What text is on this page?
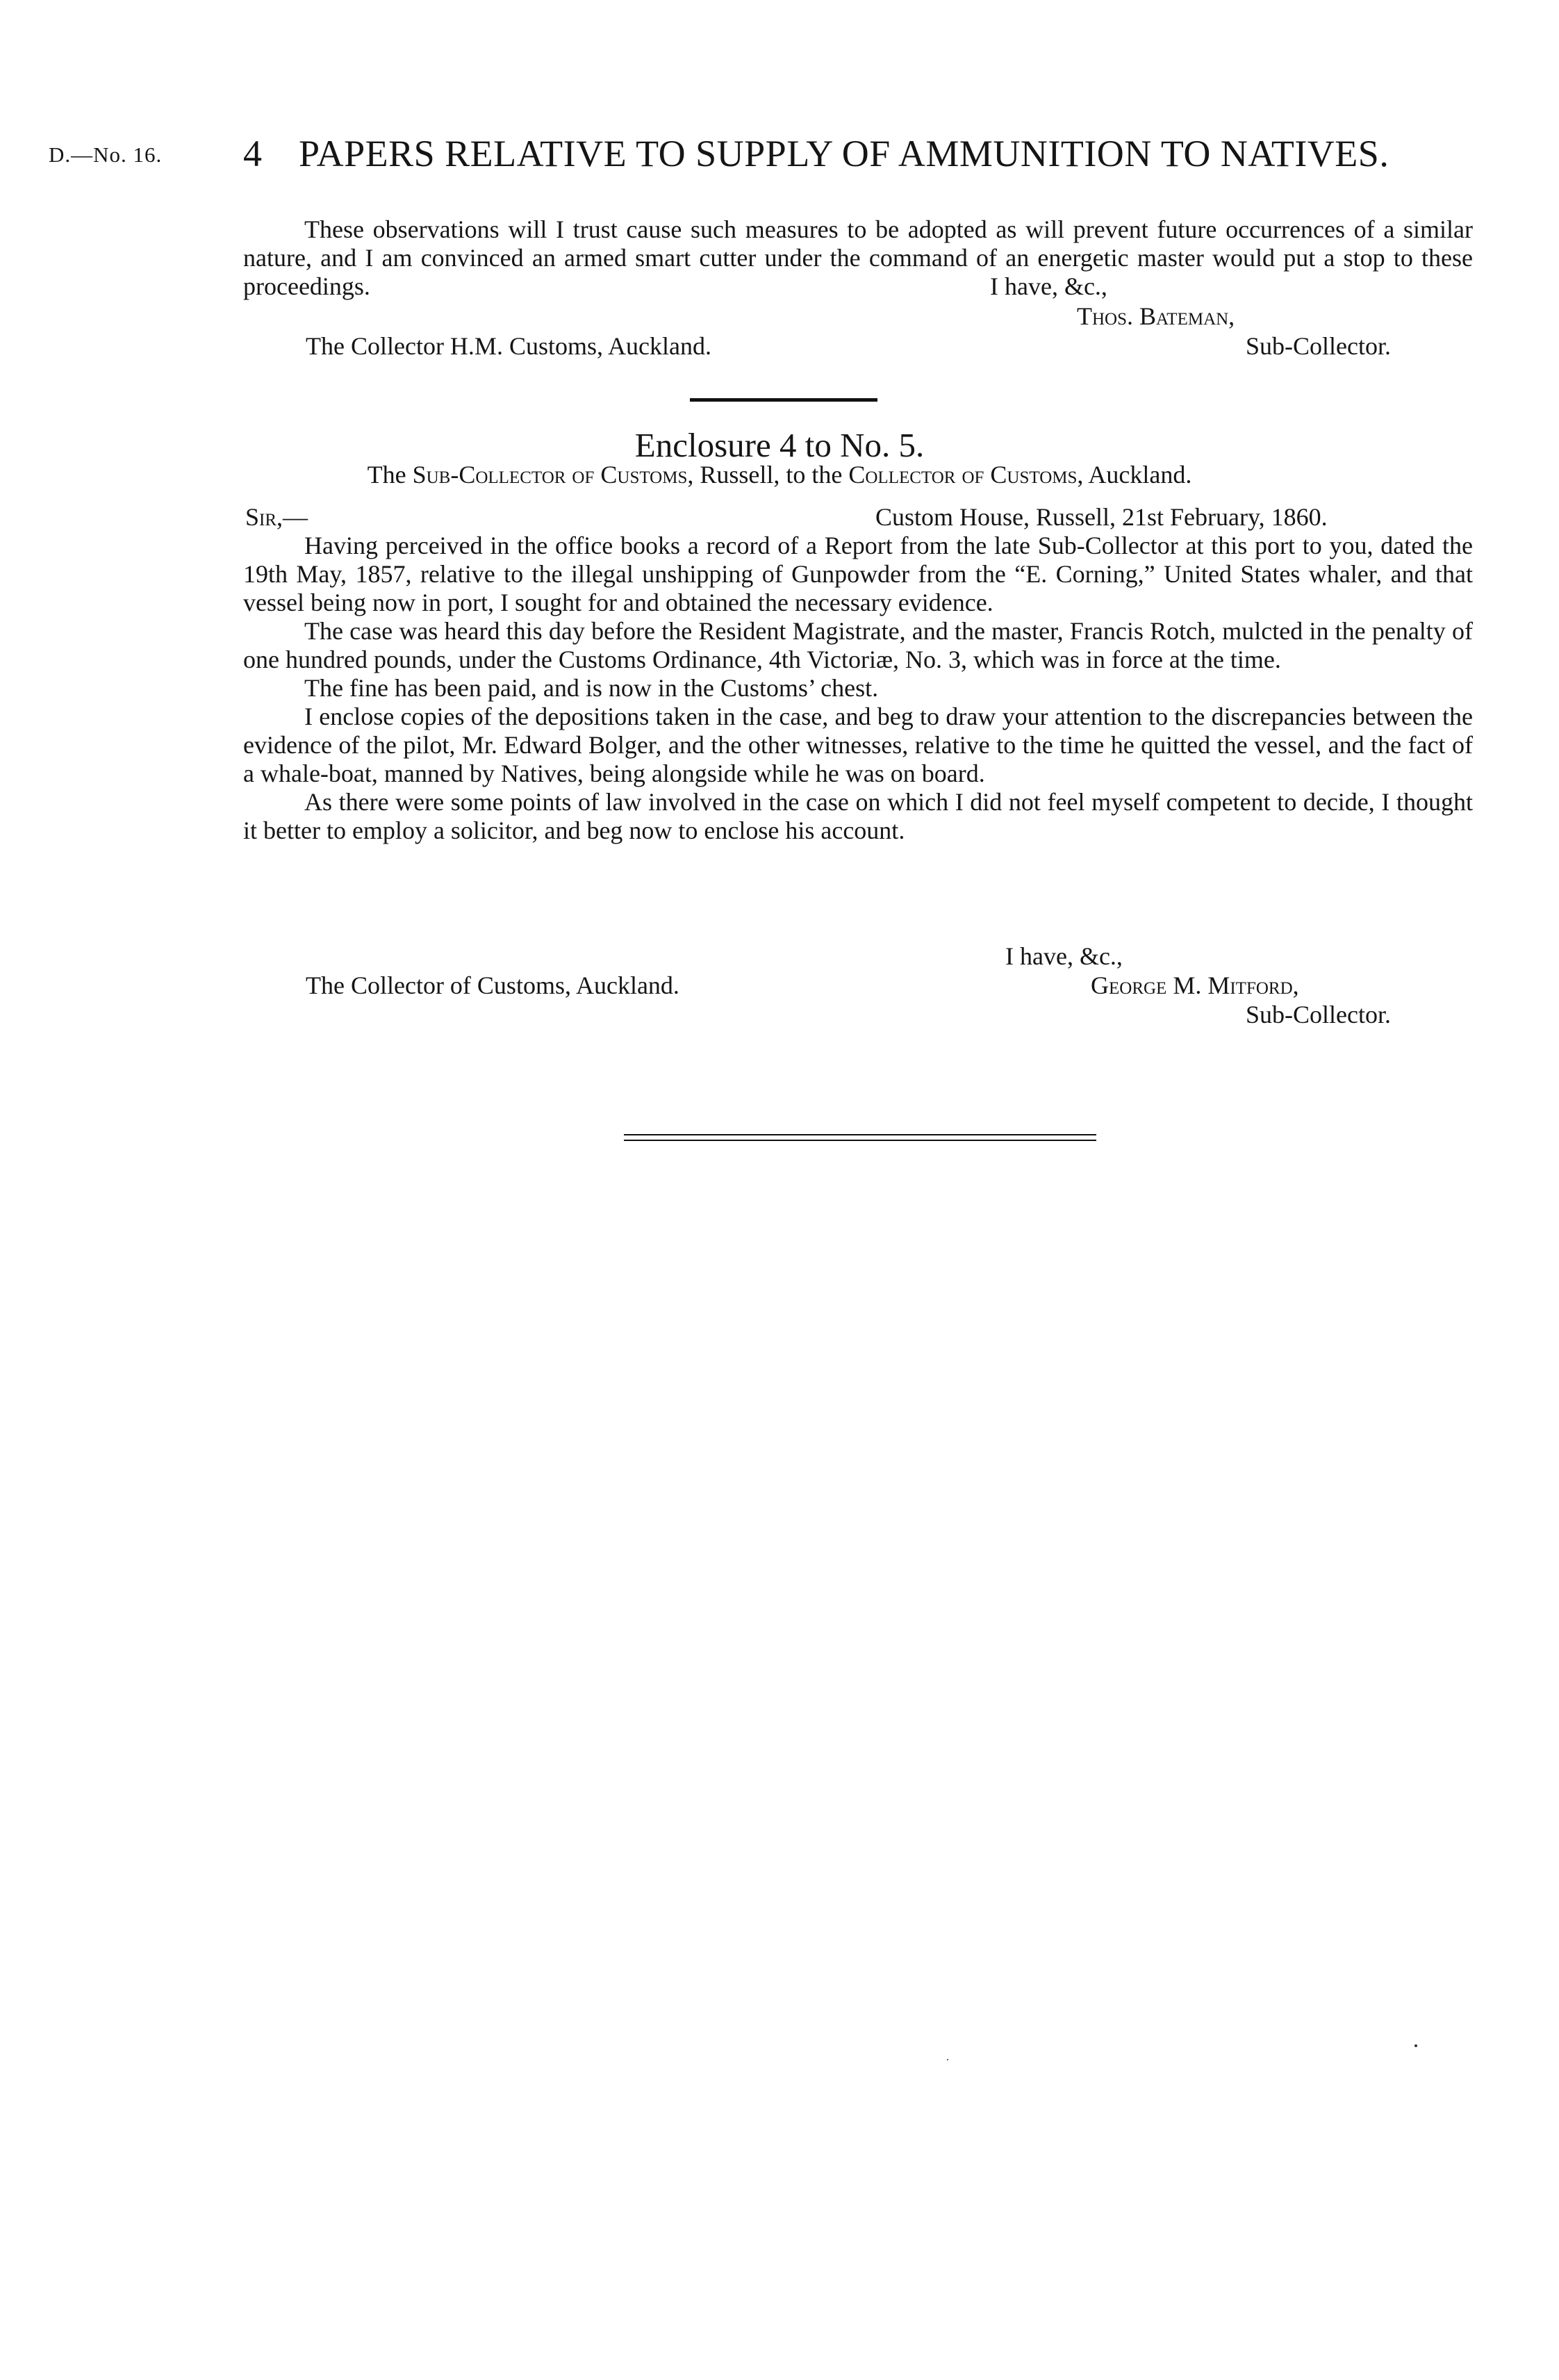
D.—No. 16. 4 PAPERS RELATIVE TO SUPPLY OF AMMUNITION TO NATIVES.

These observations will I trust cause such measures to be adopted as will prevent future occurrences of a similar nature, and I am convinced an armed smart cutter under the command of an energetic master would put a stop to these proceedings.	I have, &c.,
Thos. Bateman,
The Collector H.M. Customs, Auckland.	Sub-Collector.
Enclosure 4 to No. 5.
The Sub-Collector of Customs, Russell, to the Collector of Customs, Auckland.
Sir,—	Custom House, Russell, 21st February, 1860.

Having perceived in the office books a record of a Report from the late Sub-Collector at this port to you, dated the 19th May, 1857, relative to the illegal unshipping of Gunpowder from the “E. Corning,” United States whaler, and that vessel being now in port, I sought for and obtained the necessary evidence.

The case was heard this day before the Resident Magistrate, and the master, Francis Rotch, mulcted in the penalty of one hundred pounds, under the Customs Ordinance, 4th Victoriæ, No. 3, which was in force at the time.

The fine has been paid, and is now in the Customs’ chest.

I enclose copies of the depositions taken in the case, and beg to draw your attention to the discrepancies between the evidence of the pilot, Mr. Edward Bolger, and the other witnesses, relative to the time he quitted the vessel, and the fact of a whale-boat, manned by Natives, being alongside while he was on board.

As there were some points of law involved in the case on which I did not feel myself competent to decide, I thought it better to employ a solicitor, and beg now to enclose his account.

I have, &c.,
The Collector of Customs, Auckland.	George M. Mitford,
Sub-Collector.
